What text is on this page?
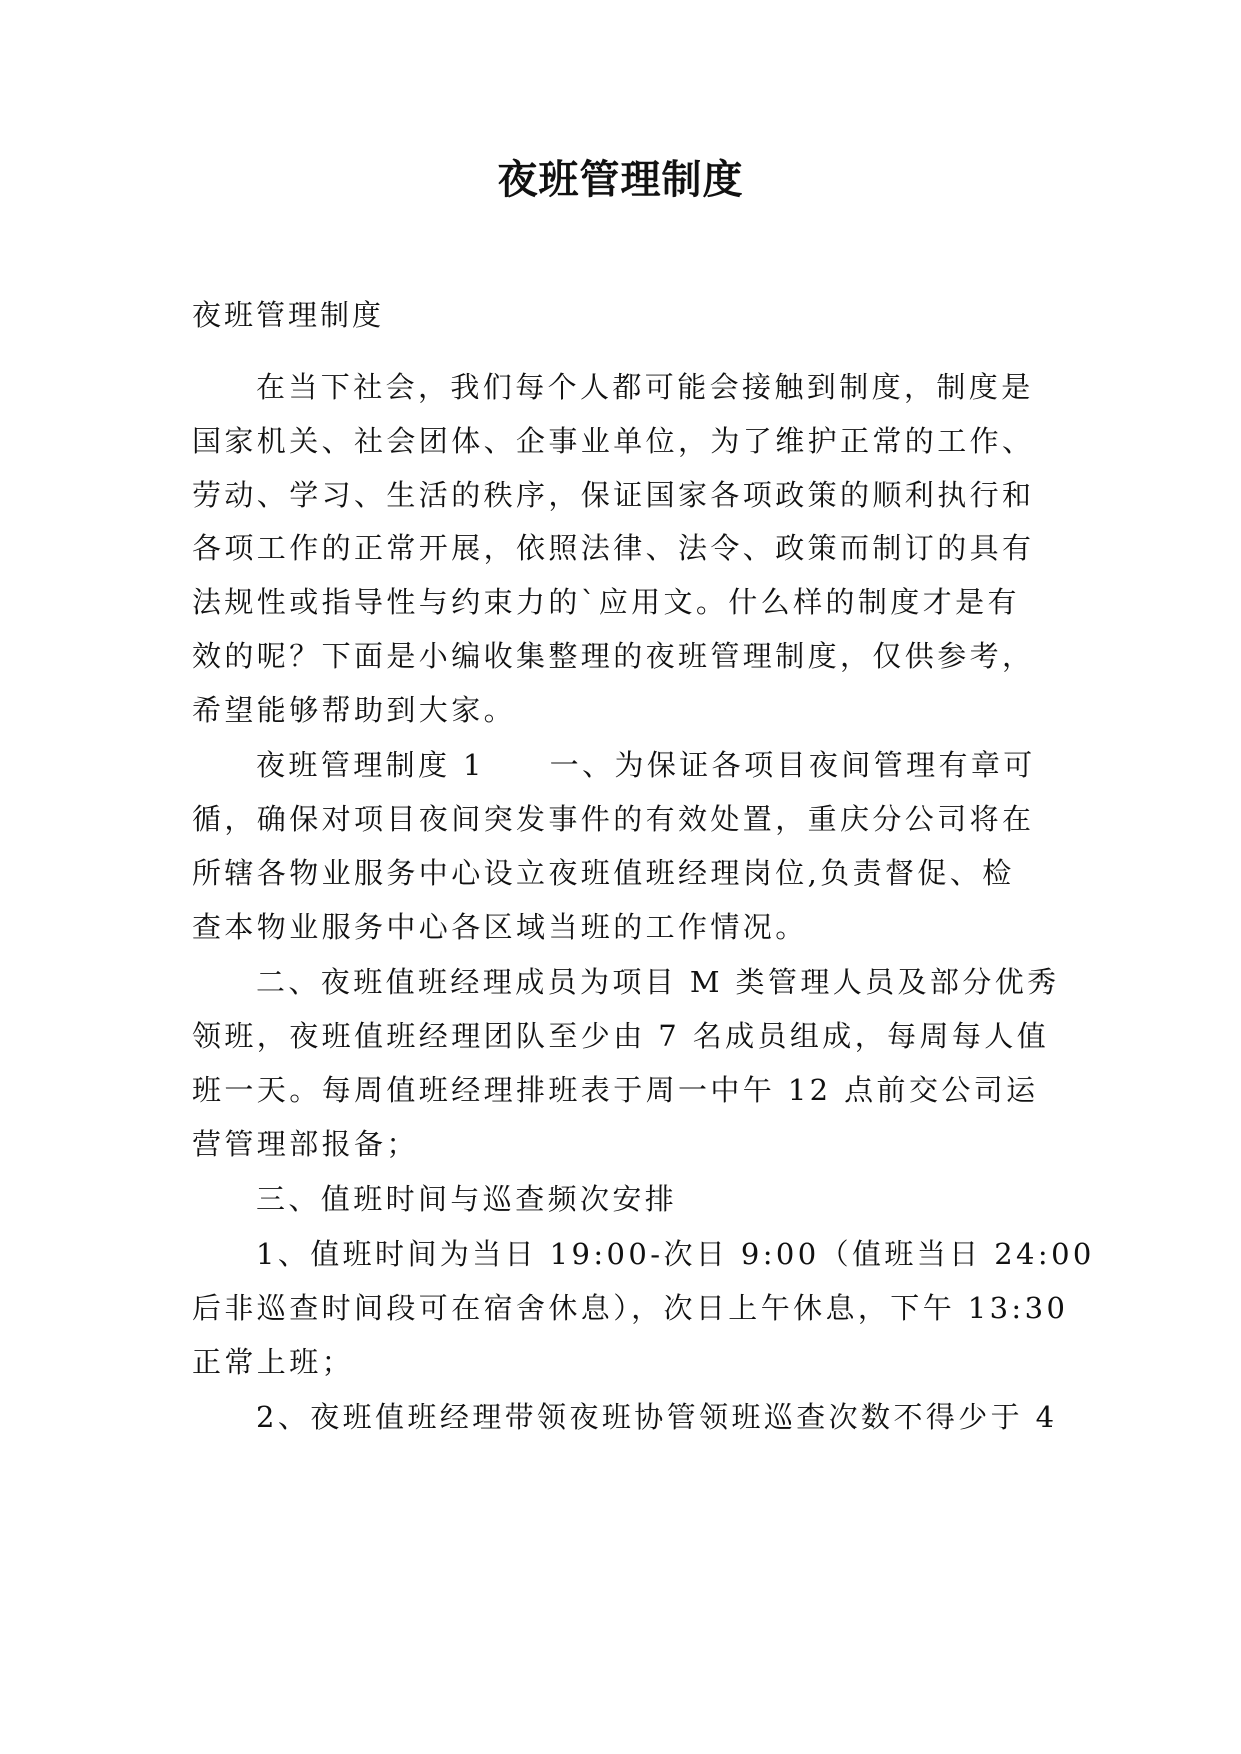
夜班管理制度
夜班管理制度
在当下社会，我们每个人都可能会接触到制度，制度是
国家机关、社会团体、企事业单位，为了维护正常的工作、
劳动、学习、生活的秩序，保证国家各项政策的顺利执行和
各项工作的正常开展，依照法律、法令、政策而制订的具有
法规性或指导性与约束力的`应用文。什么样的制度才是有
效的呢？下面是小编收集整理的夜班管理制度，仅供参考，
希望能够帮助到大家。
夜班管理制度 1　　一、为保证各项目夜间管理有章可
循，确保对项目夜间突发事件的有效处置，重庆分公司将在
所辖各物业服务中心设立夜班值班经理岗位,负责督促、检
查本物业服务中心各区域当班的工作情况。
二、夜班值班经理成员为项目 M 类管理人员及部分优秀
领班，夜班值班经理团队至少由 7 名成员组成，每周每人值
班一天。每周值班经理排班表于周一中午 12 点前交公司运
营管理部报备；
三、值班时间与巡查频次安排
1、值班时间为当日 19:00-次日 9:00（值班当日 24:00
后非巡查时间段可在宿舍休息），次日上午休息，下午 13:30
正常上班；
2、夜班值班经理带领夜班协管领班巡查次数不得少于 4
